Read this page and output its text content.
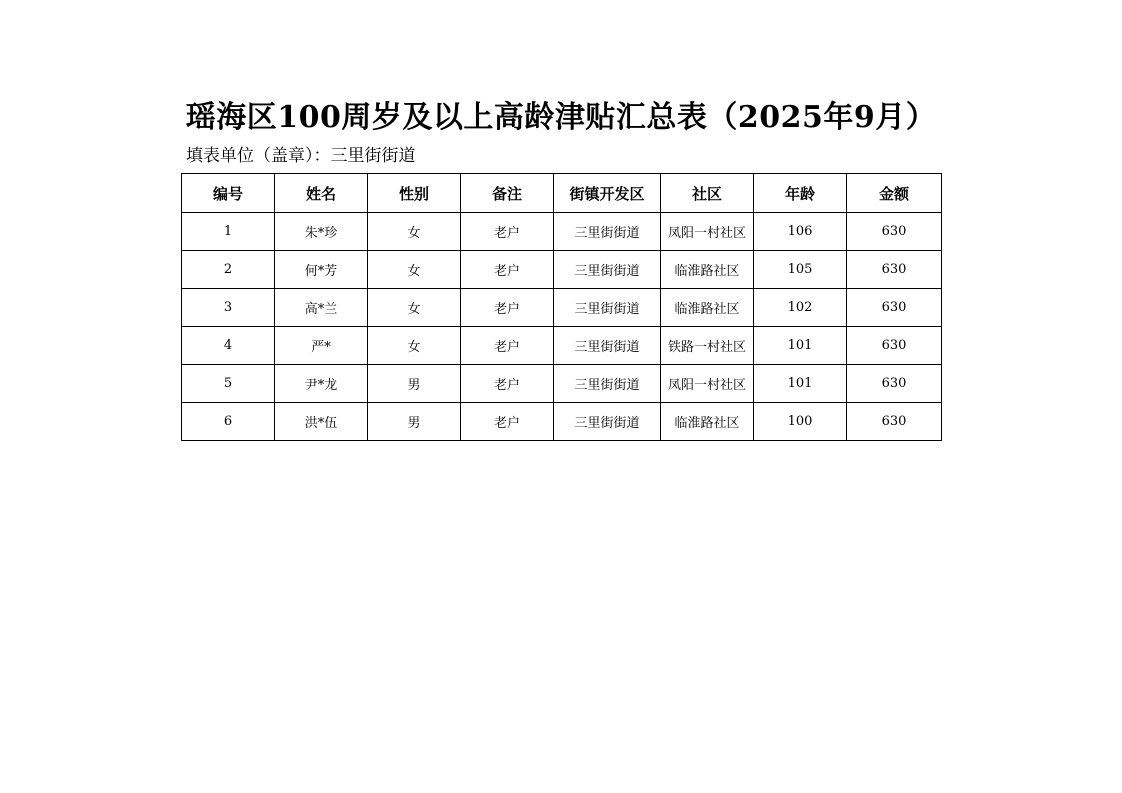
瑶海区100周岁及以上高龄津贴汇总表（2025年9月）
填表单位（盖章）：三里街街道
编号	姓名	性别	备注	街镇开发区	社区	年龄	金额
1	朱*珍	女	老户	三里街街道	凤阳一村社区	106	630
2	何*芳	女	老户	三里街街道	临淮路社区	105	630
3	高*兰	女	老户	三里街街道	临淮路社区	102	630
4	严*	女	老户	三里街街道	铁路一村社区	101	630
5	尹*龙	男	老户	三里街街道	凤阳一村社区	101	630
6	洪*伍	男	老户	三里街街道	临淮路社区	100	630
